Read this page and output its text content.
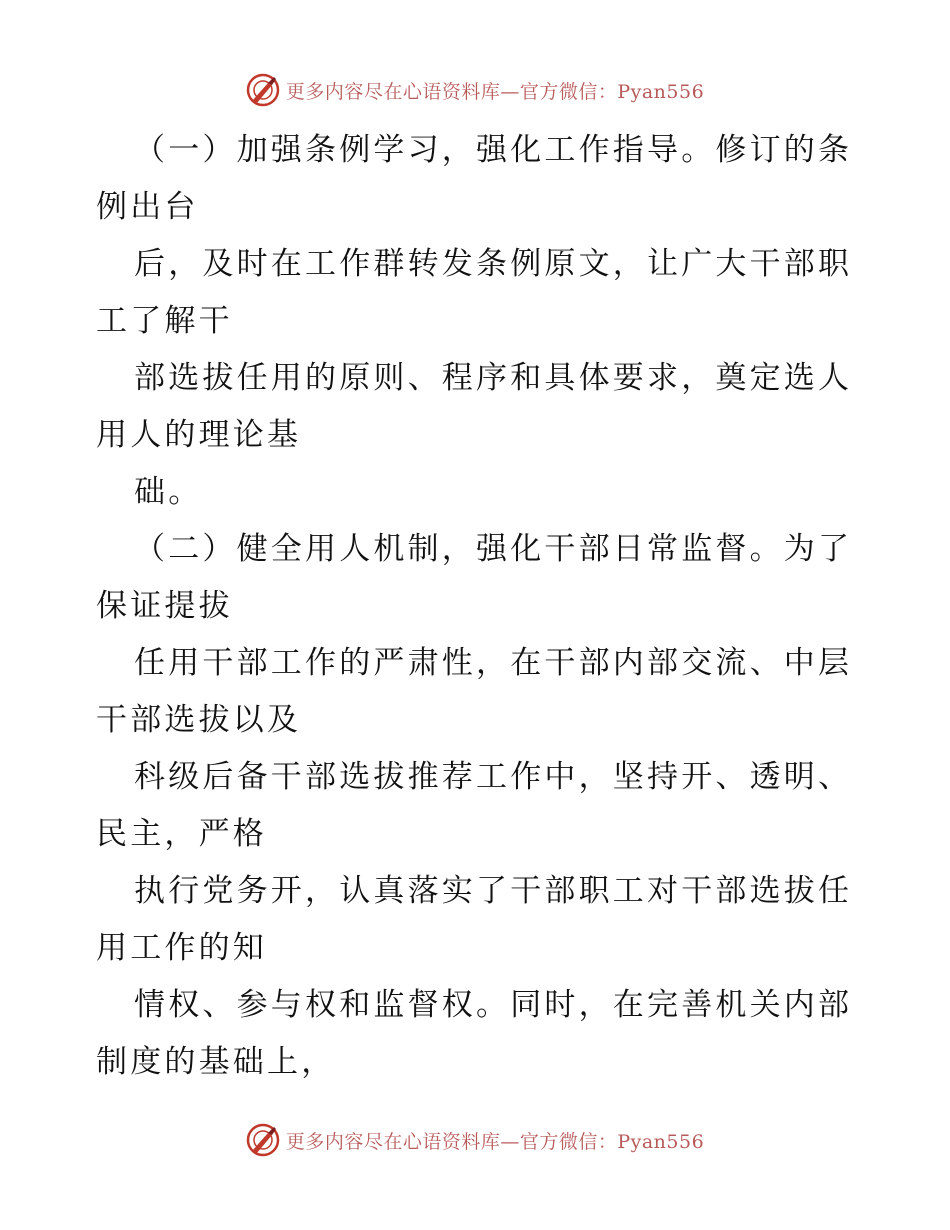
更多内容尽在心语资料库—官方微信：Pyan556
（一）加强条例学习，强化工作指导。修订的条
例出台
后，及时在工作群转发条例原文，让广大干部职
工了解干
部选拔任用的原则、程序和具体要求，奠定选人
用人的理论基
础。
（二）健全用人机制，强化干部日常监督。为了
保证提拔
任用干部工作的严肃性，在干部内部交流、中层
干部选拔以及
科级后备干部选拔推荐工作中，坚持开、透明、
民主，严格
执行党务开，认真落实了干部职工对干部选拔任
用工作的知
情权、参与权和监督权。同时，在完善机关内部
制度的基础上，
更多内容尽在心语资料库—官方微信：Pyan556
